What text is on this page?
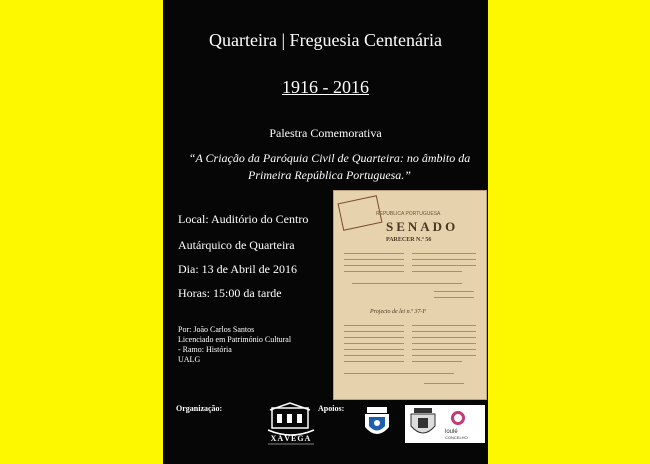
Quarteira | Freguesia Centenária
1916 - 2016
Palestra Comemorativa
“A Criação da Paróquia Civil de Quarteira: no âmbito da
Primeira República Portuguesa.”
Local: Auditório do Centro
Autárquico de Quarteira
Dia: 13 de Abril de 2016
Horas: 15:00 da tarde
Por: João Carlos Santos
Licenciado em Património Cultural
- Ramo: História
UALG
Organização:	Apoios:
XÁVEGA
loulé
CONCELHO
REPUBLICA PORTUGUESA
SENADO
PARECER N.º 56
Projecto de lei n.º 37-F
